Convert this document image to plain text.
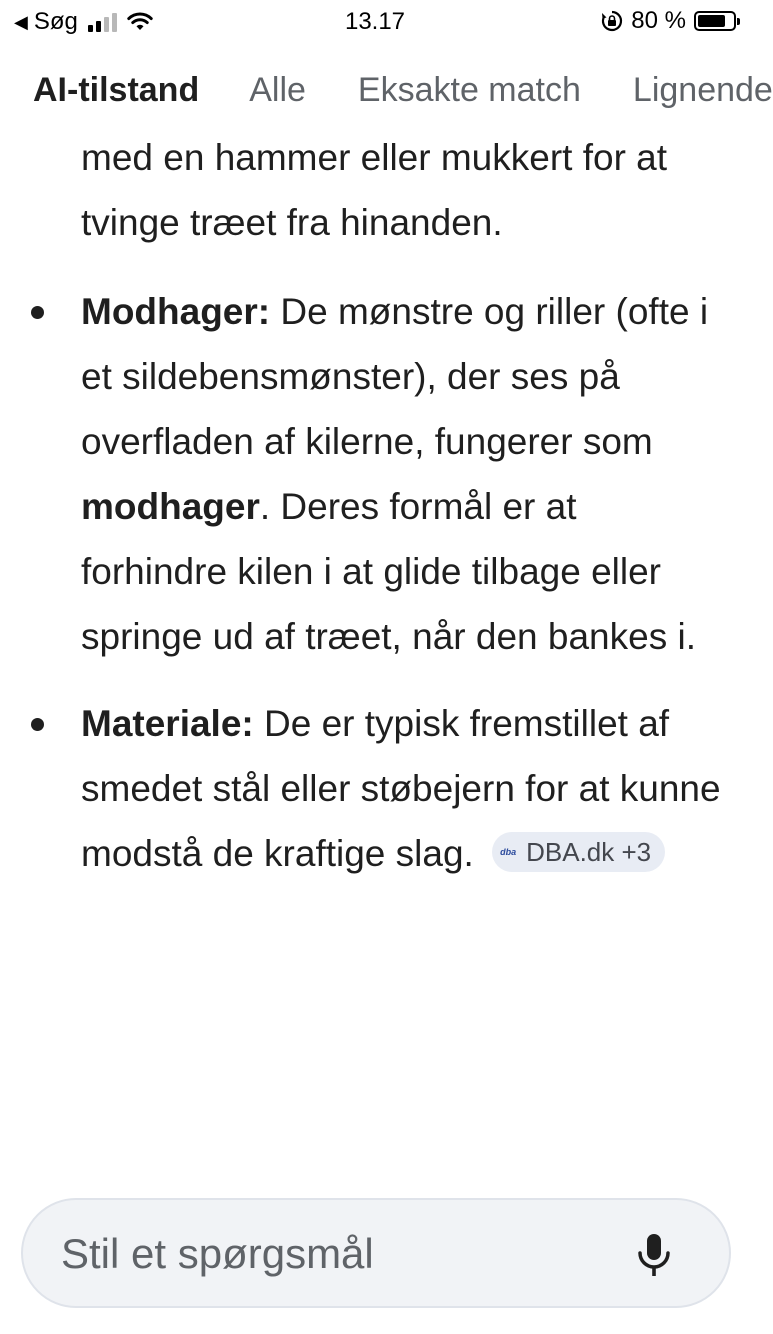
◀ Søg	13.17	80 %
AI-tilstand Alle Eksakte match Lignende

med en hammer eller mukkert for at tvinge træet fra hinanden.

Modhager: De mønstre og riller (ofte i et sildebensmønster), der ses på overfladen af kilerne, fungerer som modhager. Deres formål er at forhindre kilen i at glide tilbage eller springe ud af træet, når den bankes i.
Materiale: De er typisk fremstillet af smedet stål eller støbejern for at kunne modstå de kraftige slag.	dba DBA.dk +3
Stil et spørgsmål
